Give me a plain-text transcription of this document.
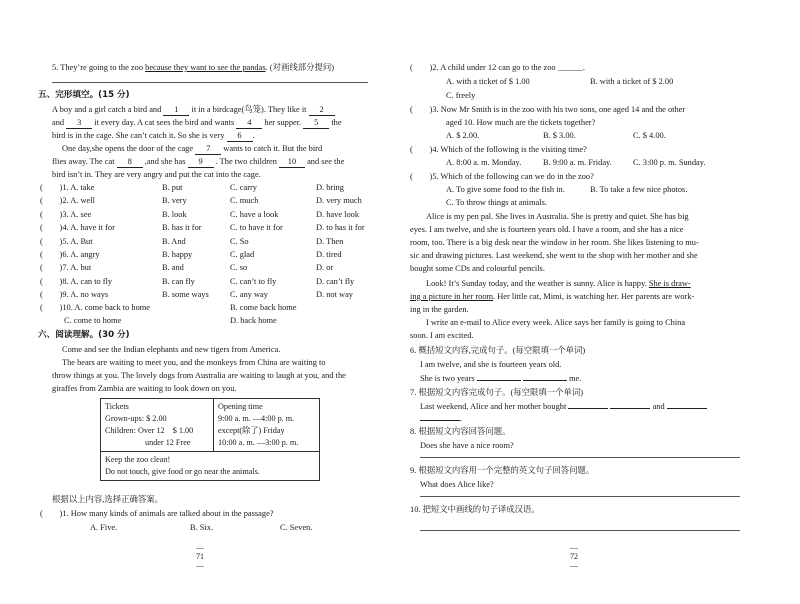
5. They’re going to the zoo because they want to see the pandas. (对画线部分提问)
五、完形填空。(15 分)
A boy and a girl catch a bird and 1 it in a birdcage(鸟笼). They like it 2
and 3 it every day. A cat sees the bird and wants 4 her supper. 5 the
bird is in the cage. She can’t catch it. So she is very 6 .
One day,she opens the door of the cage 7 wants to catch it. But the bird
flies away. The cat 8 ,and she has 9 . The two children 10 and see the
bird isn’t in. They are very angry and put the cat into the cage.
(　　)1. A. take	B. put	C. carry	D. bring
(　　)2. A. well	B. very	C. much	D. very much
(　　)3. A. see	B. look	C. have a look	D. have look
(　　)4. A. have it for	B. has it for	C. to have it for	D. to has it for
(　　)5. A. But	B. And	C. So	D. Then
(　　)6. A. angry	B. happy	C. glad	D. tired
(　　)7. A. but	B. and	C. so	D. or
(　　)8. A. can to fly	B. can fly	C. can’t to fly	D. can’t fly
(　　)9. A. no ways	B. some ways	C. any way	D. not way
(　　)10. A. come back to home	B. come back home
C. come to home	D. back home
六、阅读理解。(30 分)
Come and see the Indian elephants and new tigers from America.
The bears are waiting to meet you, and the monkeys from China are waiting to
throw things at you. The lovely dogs from Australia are waiting to laugh at you, and the
giraffes from Zambia are waiting to look down on you.
Tickets
Grown-ups: $ 2.00
Children: Over 12　$ 1.00
under 12 Free

Opening time
9:00 a. m. —4:00 p. m.
except(除了) Friday
10:00 a. m. —3:00 p. m.

Keep the zoo clean!
Do not touch, give food or go near the animals.
根据以上内容,选择正确答案。
(　　)1. How many kinds of animals are talked about in the passage?
A. Five.	B. Six.	C. Seven.
— 71 —
(　　)2. A child under 12 can go to the zoo ______.
A. with a ticket of $ 1.00	B. with a ticket of $ 2.00
C. freely
(　　)3. Now Mr Smith is in the zoo with his two sons, one aged 14 and the other
aged 10. How much are the tickets together?
A. $ 2.00.	B. $ 3.00.	C. $ 4.00.
(　　)4. Which of the following is the visiting time?
A. 8:00 a. m. Monday.	B. 9:00 a. m. Friday.	C. 3:00 p. m. Sunday.
(　　)5. Which of the following can we do in the zoo?
A. To give some food to the fish in.	B. To take a few nice photos.
C. To throw things at animals.
Alice is my pen pal. She lives in Australia. She is pretty and quiet. She has big
eyes. I am twelve, and she is fourteen years old. I have a room, and she has a nice
room, too. There is a big desk near the window in her room. She likes listening to mu-
sic and drawing pictures. Last weekend, she went to the shop with her mother and she
bought some CDs and colourful pencils.
Look! It’s Sunday today, and the weather is sunny. Alice is happy. She is draw-
ing a picture in her room. Her little cat, Mimi, is watching her. Her parents are work-
ing in the garden.
I write an e-mail to Alice every week. Alice says her family is going to China
soon. I am excited.
6. 概括短文内容,完成句子。(每空限填一个单词)
I am twelve, and she is fourteen years old.
She is two years	me.
7. 根据短文内容完成句子。(每空限填一个单词)
Last weekend, Alice and her mother bought	and
.
8. 根据短文内容回答问题。
Does she have a nice room?
9. 根据短文内容用一个完整的英文句子回答问题。
What does Alice like?
10. 把短文中画线的句子译成汉语。
— 72 —
